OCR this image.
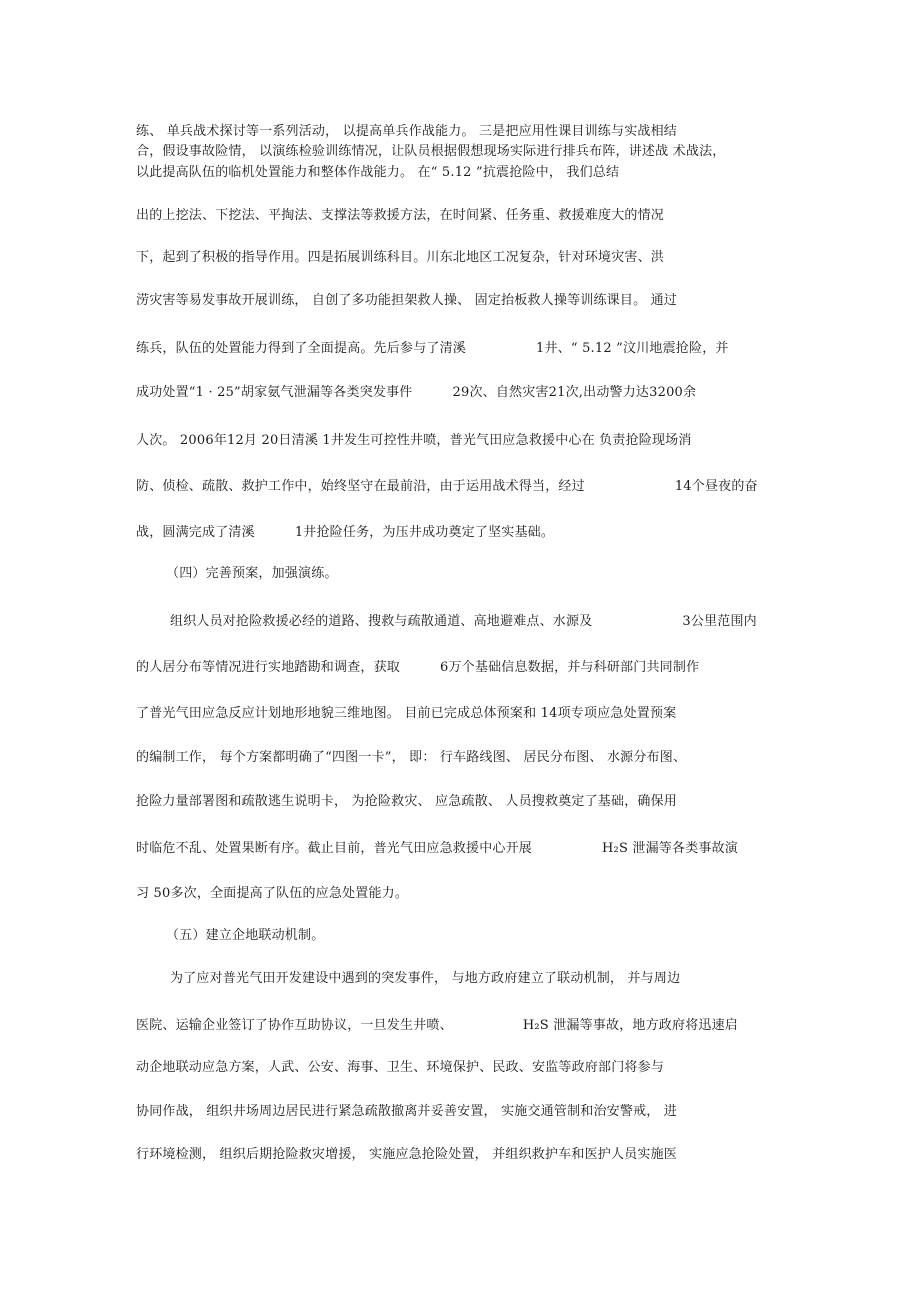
练、 单兵战术探讨等一系列活动， 以提高单兵作战能力。 三是把应用性课目训练与实战相结
合，假设事故险情， 以演练检验训练情况，让队员根据假想现场实际进行排兵布阵，讲述战 术战法，
以此提高队伍的临机处置能力和整体作战能力。 在“ 5.12 ”抗震抢险中， 我们总结
出的上挖法、下挖法、平掏法、支撑法等救援方法，在时间紧、任务重、救援难度大的情况
下，起到了积极的指导作用。四是拓展训练科目。川东北地区工况复杂，针对环境灾害、洪
涝灾害等易发事故开展训练， 自创了多功能担架救人操、 固定抬板救人操等训练课目。 通过
练兵，队伍的处置能力得到了全面提高。先后参与了清溪	1井、“ 5.12 ”汶川地震抢险，并
成功处置“1 · 25”胡家氨气泄漏等各类突发事件	29次、自然灾害21次,出动警力达3200余
人次。 2006年12月 20日清溪 1井发生可控性井喷，普光气田应急救援中心在 负责抢险现场消
防、侦检、疏散、救护工作中，始终坚守在最前沿，由于运用战术得当，经过	14个昼夜的奋
战，圆满完成了清溪	1井抢险任务，为压井成功奠定了坚实基础。
（四）完善预案，加强演练。
组织人员对抢险救援必经的道路、搜救与疏散通道、高地避难点、水源及	3公里范围内
的人居分布等情况进行实地踏勘和调查，获取	6万个基础信息数据，并与科研部门共同制作
了普光气田应急反应计划地形地貌三维地图。 目前已完成总体预案和 14项专项应急处置预案
的编制工作， 每个方案都明确了“四图一卡”， 即： 行车路线图、 居民分布图、 水源分布图、
抢险力量部署图和疏散逃生说明卡， 为抢险救灾、 应急疏散、 人员搜救奠定了基础，确保用
时临危不乱、处置果断有序。截止目前，普光气田应急救援中心开展	H₂S 泄漏等各类事故演
习 50多次，全面提高了队伍的应急处置能力。
（五）建立企地联动机制。
为了应对普光气田开发建设中遇到的突发事件， 与地方政府建立了联动机制， 并与周边
医院、运输企业签订了协作互助协议，一旦发生井喷、	H₂S 泄漏等事故，地方政府将迅速启
动企地联动应急方案，人武、公安、海事、卫生、环境保护、民政、安监等政府部门将参与
协同作战， 组织井场周边居民进行紧急疏散撤离并妥善安置， 实施交通管制和治安警戒， 进
行环境检测， 组织后期抢险救灾增援， 实施应急抢险处置， 并组织救护车和医护人员实施医
